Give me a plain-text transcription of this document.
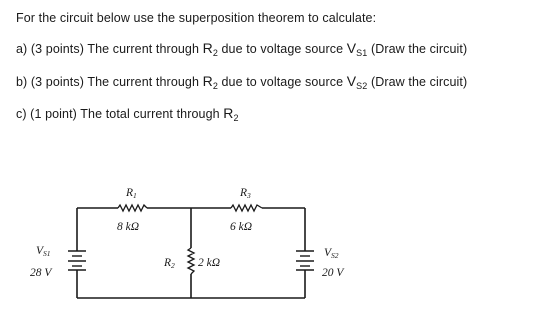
For the circuit below use the superposition theorem to calculate:
a) (3 points) The current through $R_2$ due to voltage source $V_{S1}$ (Draw the circuit)
b) (3 points) The current through $R_2$ due to voltage source $V_{S2}$ (Draw the circuit)
c) (1 point) The total current through $R_2$
R1
8 kΩ
R3
6 kΩ
R2 2 kΩ
VS1
28 V
VS2
20 V
